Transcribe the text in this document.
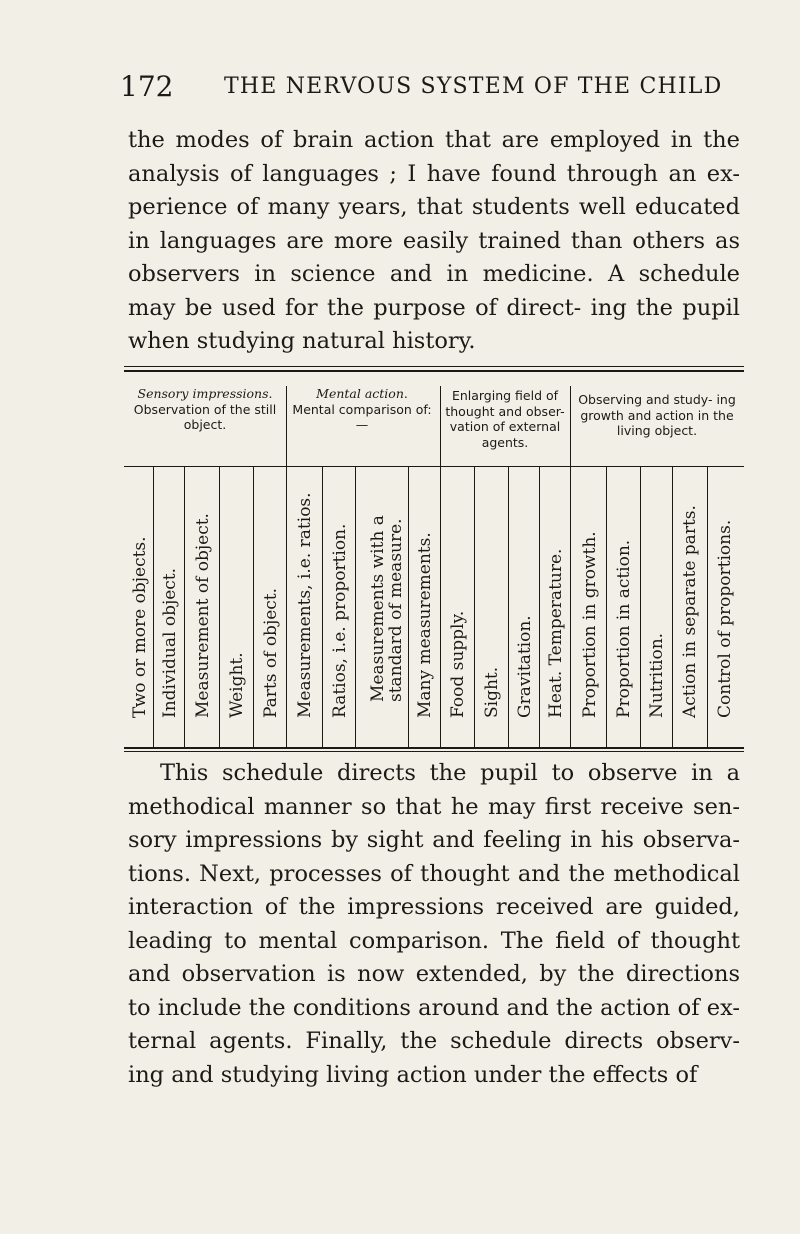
172 THE NERVOUS SYSTEM OF THE CHILD

the modes of brain action that are employed in the analysis of languages ; I have found through an ex- perience of many years, that students well educated in languages are more easily trained than others as observers in science and in medicine. A schedule may be used for the purpose of direct- ing the pupil when studying natural history.

Sensory impressions.
Observation of the still object.
Mental action.
Mental comparison of: —
Enlarging field of thought and obser- vation of external agents.
Observing and study- ing growth and action in the living object.
Two or more objects. Individual object. Measurement of object. Weight. Parts of object. Measurements, i.e. ratios. Ratios, i.e. proportion. Measurements with a standard of measure. Many measurements. Food supply. Sight. Gravitation. Heat. Temperature. Proportion in growth. Proportion in action. Nutrition. Action in separate parts. Control of proportions.

This schedule directs the pupil to observe in a methodical manner so that he may first receive sen- sory impressions by sight and feeling in his observa- tions. Next, processes of thought and the methodical interaction of the impressions received are guided, leading to mental comparison. The field of thought and observation is now extended, by the directions to include the conditions around and the action of ex- ternal agents. Finally, the schedule directs observ- ing and studying living action under the effects of
